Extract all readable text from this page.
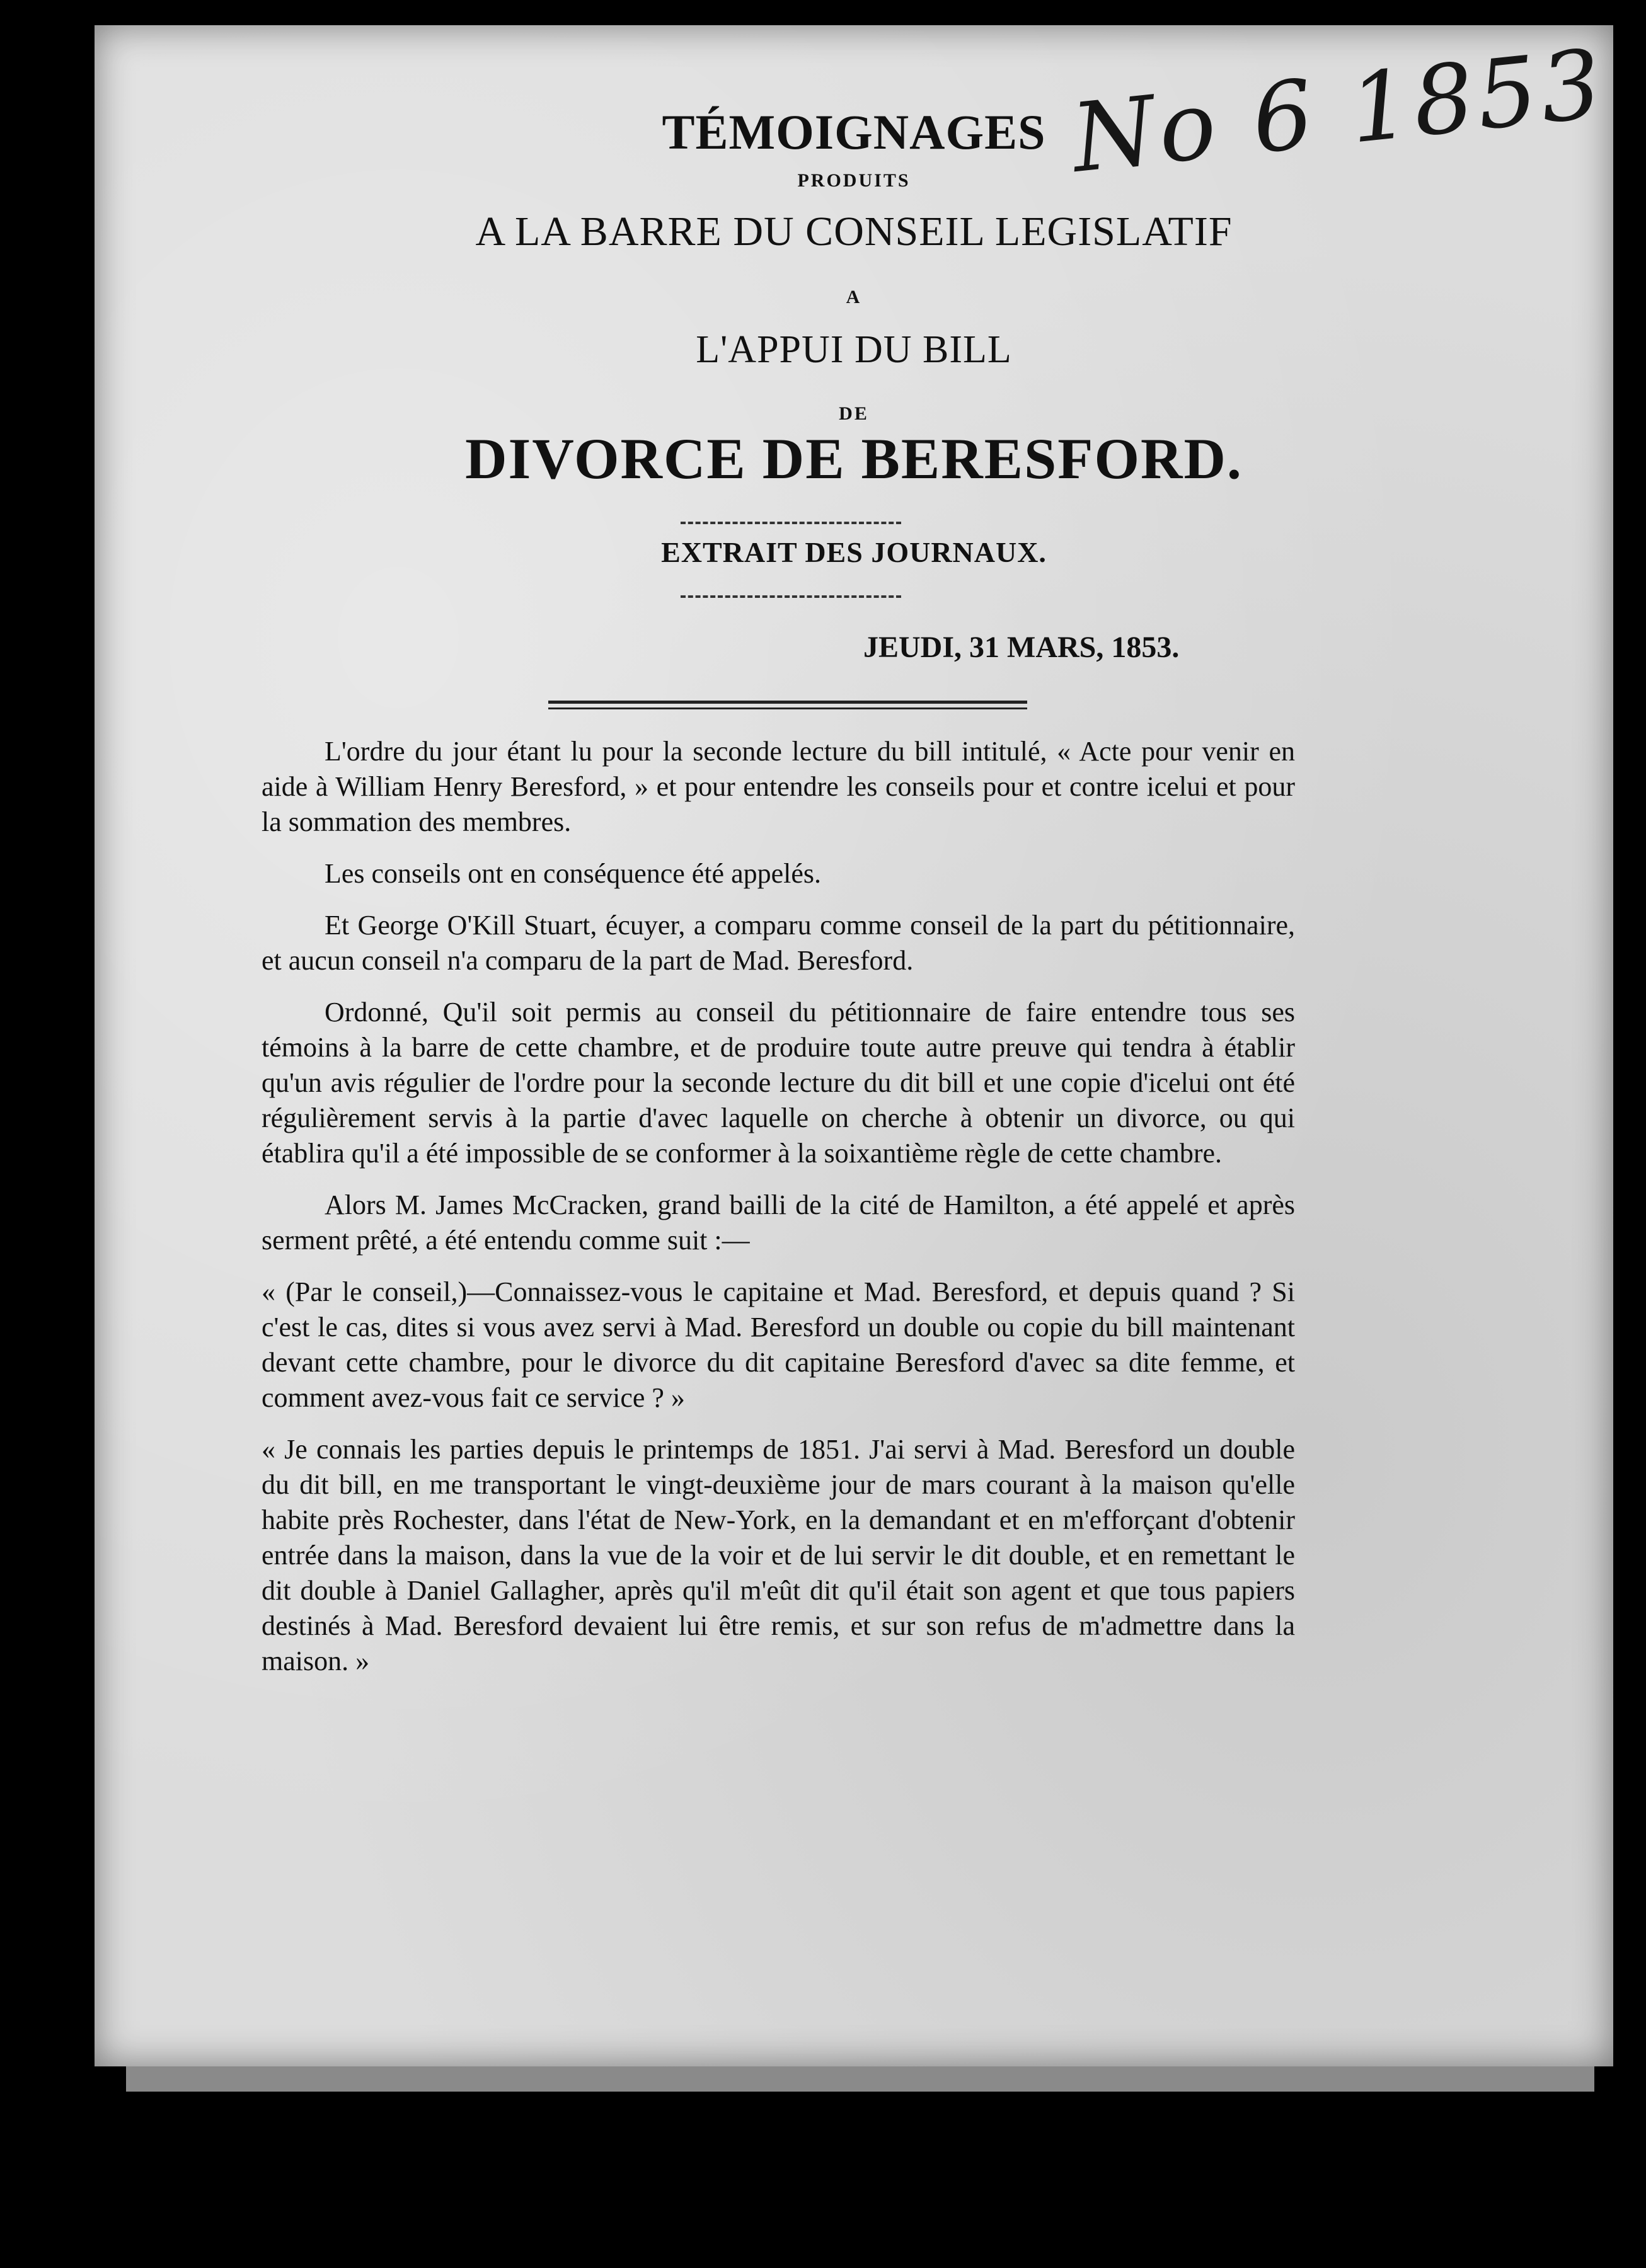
No 6 1853
TÉMOIGNAGES
PRODUITS
A LA BARRE DU CONSEIL LEGISLATIF
A
L'APPUI DU BILL
DE
DIVORCE DE BERESFORD.
EXTRAIT DES JOURNAUX.
JEUDI, 31 MARS, 1853.

L'ordre du jour étant lu pour la seconde lecture du bill intitulé, « Acte pour venir en aide à William Henry Beresford, » et pour entendre les conseils pour et contre icelui et pour la sommation des membres.

Les conseils ont en conséquence été appelés.

Et George O'Kill Stuart, écuyer, a comparu comme conseil de la part du pétitionnaire, et aucun conseil n'a comparu de la part de Mad. Beresford.

Ordonné, Qu'il soit permis au conseil du pétitionnaire de faire entendre tous ses témoins à la barre de cette chambre, et de produire toute autre preuve qui tendra à établir qu'un avis régulier de l'ordre pour la seconde lecture du dit bill et une copie d'icelui ont été régulièrement servis à la partie d'avec laquelle on cherche à obtenir un divorce, ou qui établira qu'il a été impossible de se conformer à la soixantième règle de cette chambre.

Alors M. James McCracken, grand bailli de la cité de Hamilton, a été appelé et après serment prêté, a été entendu comme suit :—

« (Par le conseil,)—Connaissez-vous le capitaine et Mad. Beresford, et depuis quand ? Si c'est le cas, dites si vous avez servi à Mad. Beresford un double ou copie du bill maintenant devant cette chambre, pour le divorce du dit capitaine Beresford d'avec sa dite femme, et comment avez-vous fait ce service ? »

« Je connais les parties depuis le printemps de 1851. J'ai servi à Mad. Beresford un double du dit bill, en me transportant le vingt-deuxième jour de mars courant à la maison qu'elle habite près Rochester, dans l'état de New-York, en la demandant et en m'efforçant d'obtenir entrée dans la maison, dans la vue de la voir et de lui servir le dit double, et en remettant le dit double à Daniel Gallagher, après qu'il m'eût dit qu'il était son agent et que tous papiers destinés à Mad. Beresford devaient lui être remis, et sur son refus de m'admettre dans la maison. »
